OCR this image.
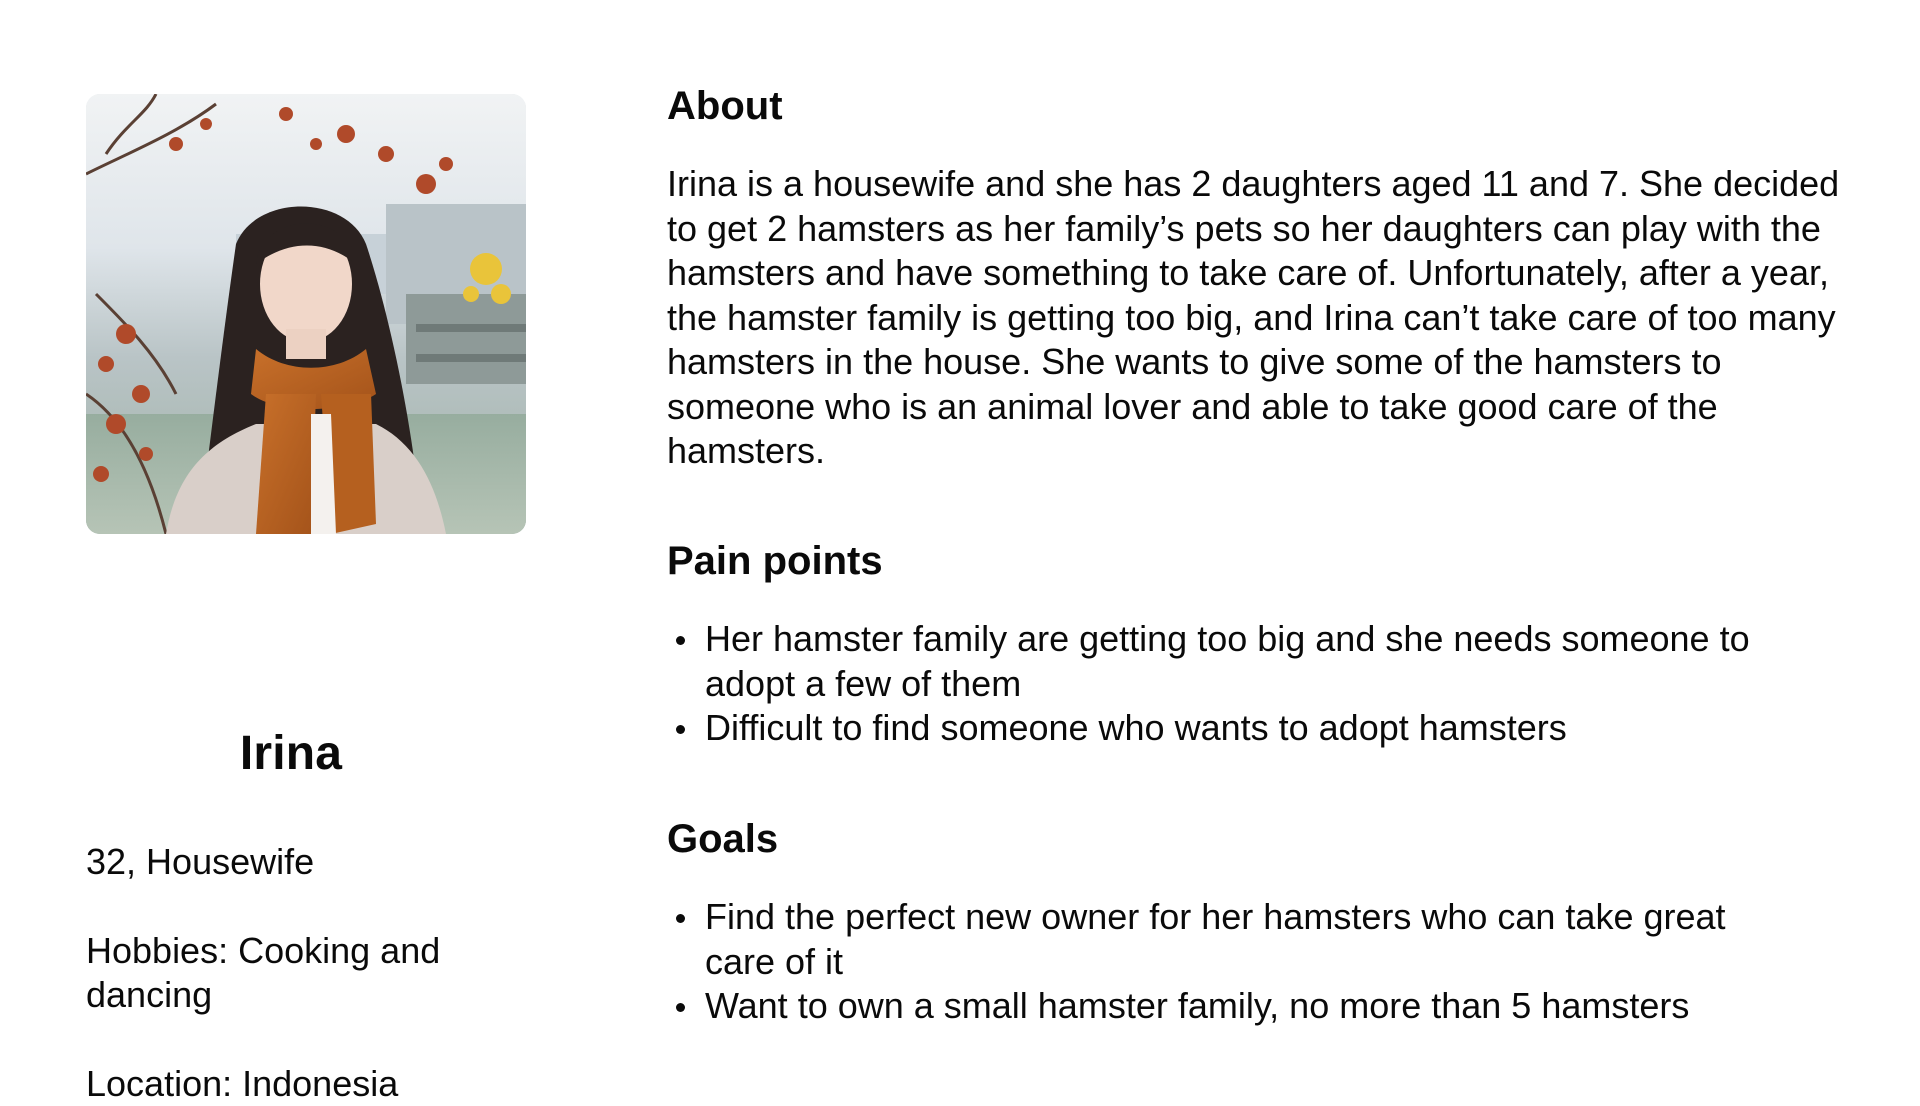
Irina
32, Housewife
Hobbies: Cooking and dancing
Location: Indonesia
About

Irina is a housewife and she has 2 daughters aged 11 and 7. She decided to get 2 hamsters as her family’s pets so her daughters can play with the hamsters and have something to take care of. Unfortunately, after a year, the hamster family is getting too big, and Irina can’t take care of too many hamsters in the house. She wants to give some of the hamsters to someone who is an animal lover and able to take good care of the hamsters.

Pain points
Her hamster family are getting too big and she needs someone to adopt a few of them
Difficult to find someone who wants to adopt hamsters
Goals
Find the perfect new owner for her hamsters who can take great care of it
Want to own a small hamster family, no more than 5 hamsters
